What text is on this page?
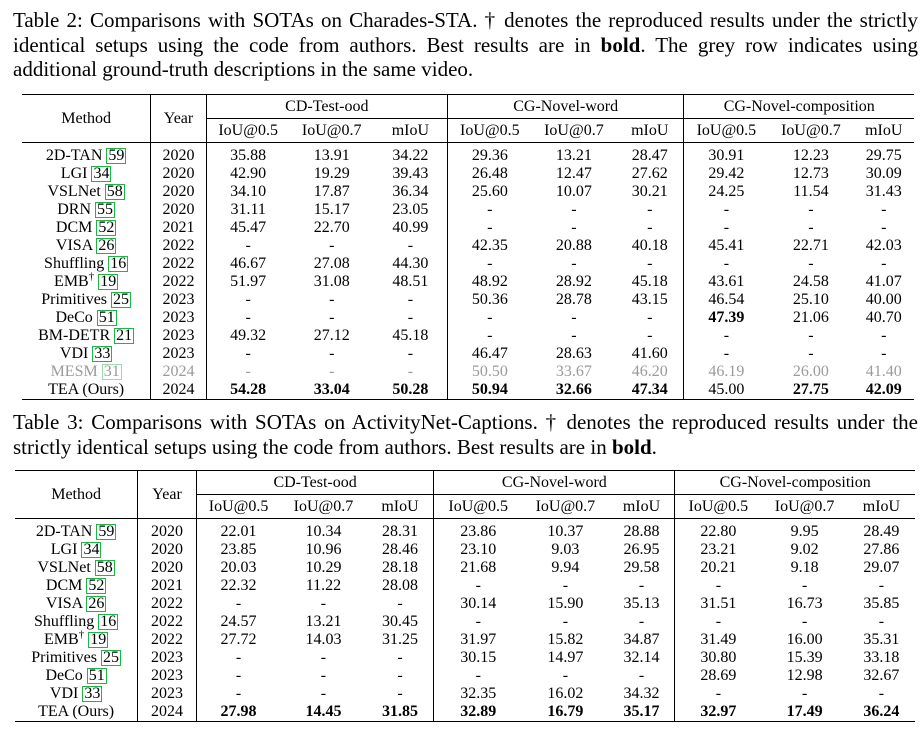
Table 2: Comparisons with SOTAs on Charades-STA. † denotes the reproduced results under the strictly identical setups using the code from authors. Best results are in bold. The grey row indicates using additional ground-truth descriptions in the same video.
Method	Year	CD-Test-ood			CG-Novel-word			CG-Novel-composition		
		IoU@0.5	IoU@0.7	mIoU	IoU@0.5	IoU@0.7	mIoU	IoU@0.5	IoU@0.7	mIoU
2D-TAN 59	2020	35.88	13.91	34.22	29.36	13.21	28.47	30.91	12.23	29.75
LGI 34	2020	42.90	19.29	39.43	26.48	12.47	27.62	29.42	12.73	30.09
VSLNet 58	2020	34.10	17.87	36.34	25.60	10.07	30.21	24.25	11.54	31.43
DRN 55	2020	31.11	15.17	23.05	-	-	-	-	-	-
DCM 52	2021	45.47	22.70	40.99	-	-	-	-	-	-
VISA 26	2022	-	-	-	42.35	20.88	40.18	45.41	22.71	42.03
Shuffling 16	2022	46.67	27.08	44.30	-	-	-	-	-	-
EMB† 19	2022	51.97	31.08	48.51	48.92	28.92	45.18	43.61	24.58	41.07
Primitives 25	2023	-	-	-	50.36	28.78	43.15	46.54	25.10	40.00
DeCo 51	2023	-	-	-	-	-	-	47.39	21.06	40.70
BM-DETR 21	2023	49.32	27.12	45.18	-	-	-	-	-	-
VDI 33	2023	-	-	-	46.47	28.63	41.60	-	-	-
MESM 31	2024	-	-	-	50.50	33.67	46.20	46.19	26.00	41.40
TEA (Ours)	2024	54.28	33.04	50.28	50.94	32.66	47.34	45.00	27.75	42.09
Table 3: Comparisons with SOTAs on ActivityNet-Captions. † denotes the reproduced results under the strictly identical setups using the code from authors. Best results are in bold.
Method	Year	CD-Test-ood			CG-Novel-word			CG-Novel-composition		
		IoU@0.5	IoU@0.7	mIoU	IoU@0.5	IoU@0.7	mIoU	IoU@0.5	IoU@0.7	mIoU
2D-TAN 59	2020	22.01	10.34	28.31	23.86	10.37	28.88	22.80	9.95	28.49
LGI 34	2020	23.85	10.96	28.46	23.10	9.03	26.95	23.21	9.02	27.86
VSLNet 58	2020	20.03	10.29	28.18	21.68	9.94	29.58	20.21	9.18	29.07
DCM 52	2021	22.32	11.22	28.08	-	-	-	-	-	-
VISA 26	2022	-	-	-	30.14	15.90	35.13	31.51	16.73	35.85
Shuffling 16	2022	24.57	13.21	30.45	-	-	-	-	-	-
EMB† 19	2022	27.72	14.03	31.25	31.97	15.82	34.87	31.49	16.00	35.31
Primitives 25	2023	-	-	-	30.15	14.97	32.14	30.80	15.39	33.18
DeCo 51	2023	-	-	-	-	-	-	28.69	12.98	32.67
VDI 33	2023	-	-	-	32.35	16.02	34.32	-	-	-
TEA (Ours)	2024	27.98	14.45	31.85	32.89	16.79	35.17	32.97	17.49	36.24
